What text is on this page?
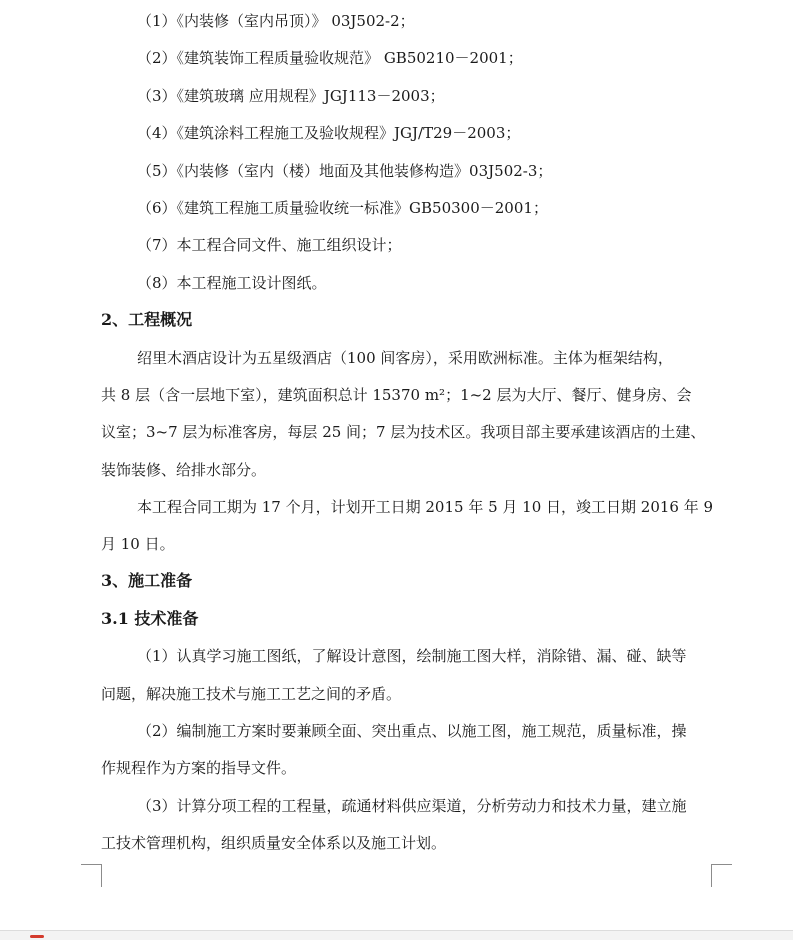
（1）《内装修（室内吊顶）》 03J502-2；
（2）《建筑装饰工程质量验收规范》 GB50210－2001；
（3）《建筑玻璃 应用规程》JGJ113－2003；
（4）《建筑涂料工程施工及验收规程》JGJ/T29－2003；
（5）《内装修（室内（楼）地面及其他装修构造》03J502-3；
（6）《建筑工程施工质量验收统一标准》GB50300－2001；
（7）本工程合同文件、施工组织设计；
（8）本工程施工设计图纸。
2、工程概况
绍里木酒店设计为五星级酒店（100 间客房），采用欧洲标准。主体为框架结构，
共 8 层（含一层地下室），建筑面积总计 15370 m²；1~2 层为大厅、餐厅、健身房、会
议室；3~7 层为标准客房，每层 25 间；7 层为技术区。我项目部主要承建该酒店的土建、
装饰装修、给排水部分。
本工程合同工期为 17 个月，计划开工日期 2015 年 5 月 10 日，竣工日期 2016 年 9
月 10 日。
3、施工准备
3.1 技术准备
（1）认真学习施工图纸，了解设计意图，绘制施工图大样，消除错、漏、碰、缺等
问题，解决施工技术与施工工艺之间的矛盾。
（2）编制施工方案时要兼顾全面、突出重点、以施工图，施工规范，质量标准，操
作规程作为方案的指导文件。
（3）计算分项工程的工程量，疏通材料供应渠道，分析劳动力和技术力量，建立施
工技术管理机构，组织质量安全体系以及施工计划。
